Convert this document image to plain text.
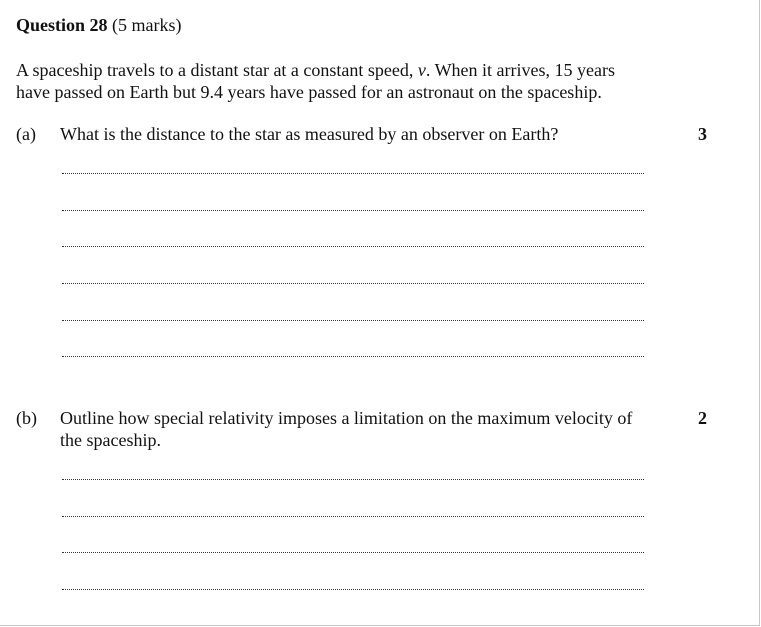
Question 28 (5 marks)

A spaceship travels to a distant star at a constant speed, v. When it arrives, 15 years

have passed on Earth but 9.4 years have passed for an astronaut on the spaceship.

(a) What is the distance to the star as measured by an observer on Earth?	3
(b) Outline how special relativity imposes a limitation on the maximum velocity of

the spaceship.

2
